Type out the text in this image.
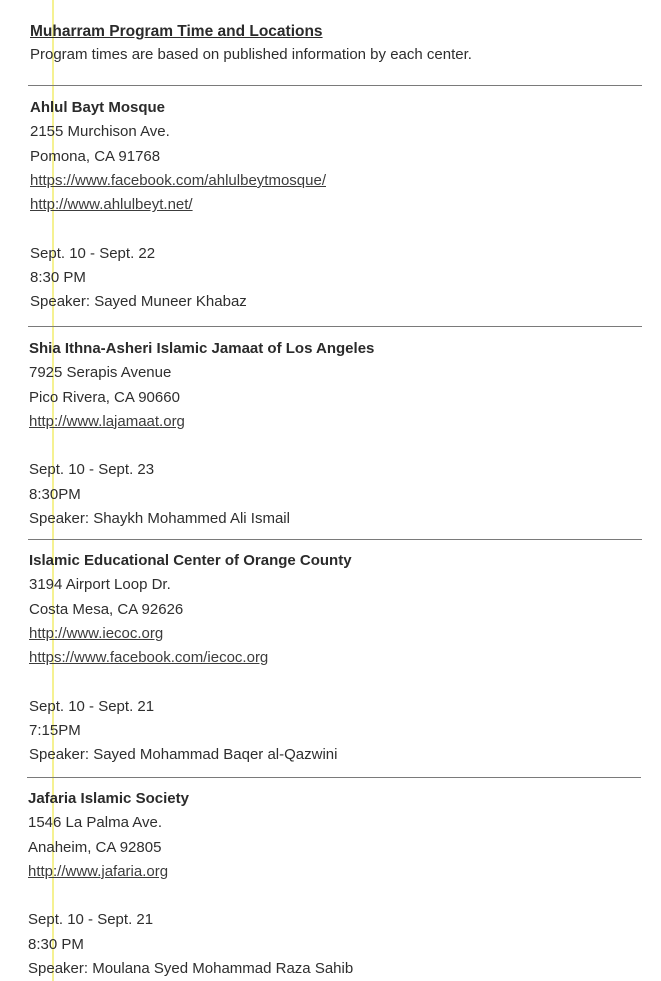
Muharram Program Time and Locations
Program times are based on published information by each center.
Ahlul Bayt Mosque
2155 Murchison Ave.
Pomona, CA 91768
https://www.facebook.com/ahlulbeytmosque/
http://www.ahlulbeyt.net/
Sept. 10 - Sept. 22
8:30 PM
Speaker: Sayed Muneer Khabaz
Shia Ithna-Asheri Islamic Jamaat of Los Angeles
7925 Serapis Avenue
Pico Rivera, CA 90660
http://www.lajamaat.org
Sept. 10 - Sept. 23
8:30PM
Speaker: Shaykh Mohammed Ali Ismail
Islamic Educational Center of Orange County
3194 Airport Loop Dr.
Costa Mesa, CA 92626
http://www.iecoc.org
https://www.facebook.com/iecoc.org
Sept. 10 - Sept. 21
7:15PM
Speaker: Sayed Mohammad Baqer al-Qazwini
Jafaria Islamic Society
1546 La Palma Ave.
Anaheim, CA 92805
http://www.jafaria.org
Sept. 10 - Sept. 21
8:30 PM
Speaker: Moulana Syed Mohammad Raza Sahib
